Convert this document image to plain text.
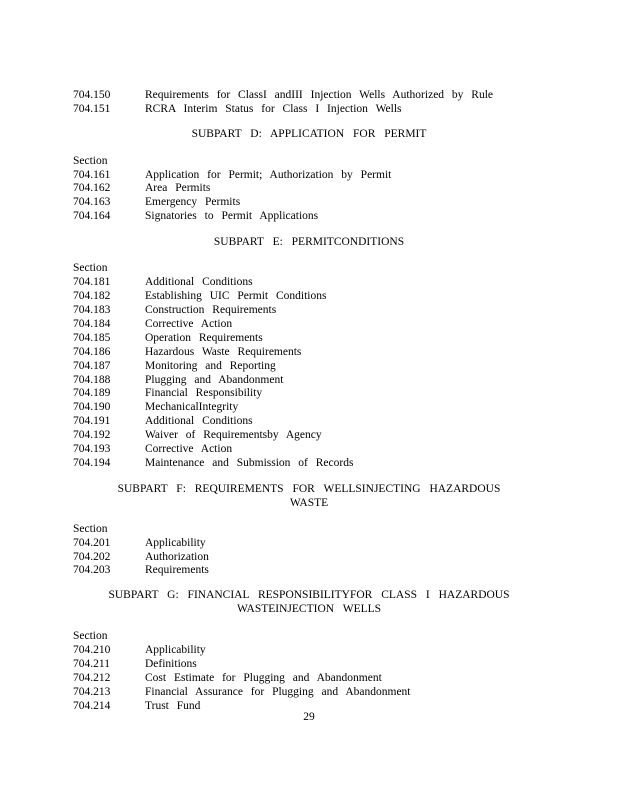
704.150	Requirements for ClassI andIII Injection Wells Authorized by Rule
704.151	RCRA Interim Status for Class I Injection Wells
SUBPART D: APPLICATION FOR PERMIT
Section
704.161	Application for Permit; Authorization by Permit
704.162	Area Permits
704.163	Emergency Permits
704.164	Signatories to Permit Applications
SUBPART E: PERMITCONDITIONS
Section
704.181	Additional Conditions
704.182	Establishing UIC Permit Conditions
704.183	Construction Requirements
704.184	Corrective Action
704.185	Operation Requirements
704.186	Hazardous Waste Requirements
704.187	Monitoring and Reporting
704.188	Plugging and Abandonment
704.189	Financial Responsibility
704.190	MechanicalIntegrity
704.191	Additional Conditions
704.192	Waiver of Requirementsby Agency
704.193	Corrective Action
704.194	Maintenance and Submission of Records
SUBPART F: REQUIREMENTS FOR WELLSINJECTING HAZARDOUS
WASTE
Section
704.201	Applicability
704.202	Authorization
704.203	Requirements
SUBPART G: FINANCIAL RESPONSIBILITYFOR CLASS I HAZARDOUS
WASTEINJECTION WELLS
Section
704.210	Applicability
704.211	Definitions
704.212	Cost Estimate for Plugging and Abandonment
704.213	Financial Assurance for Plugging and Abandonment
704.214	Trust Fund
29
